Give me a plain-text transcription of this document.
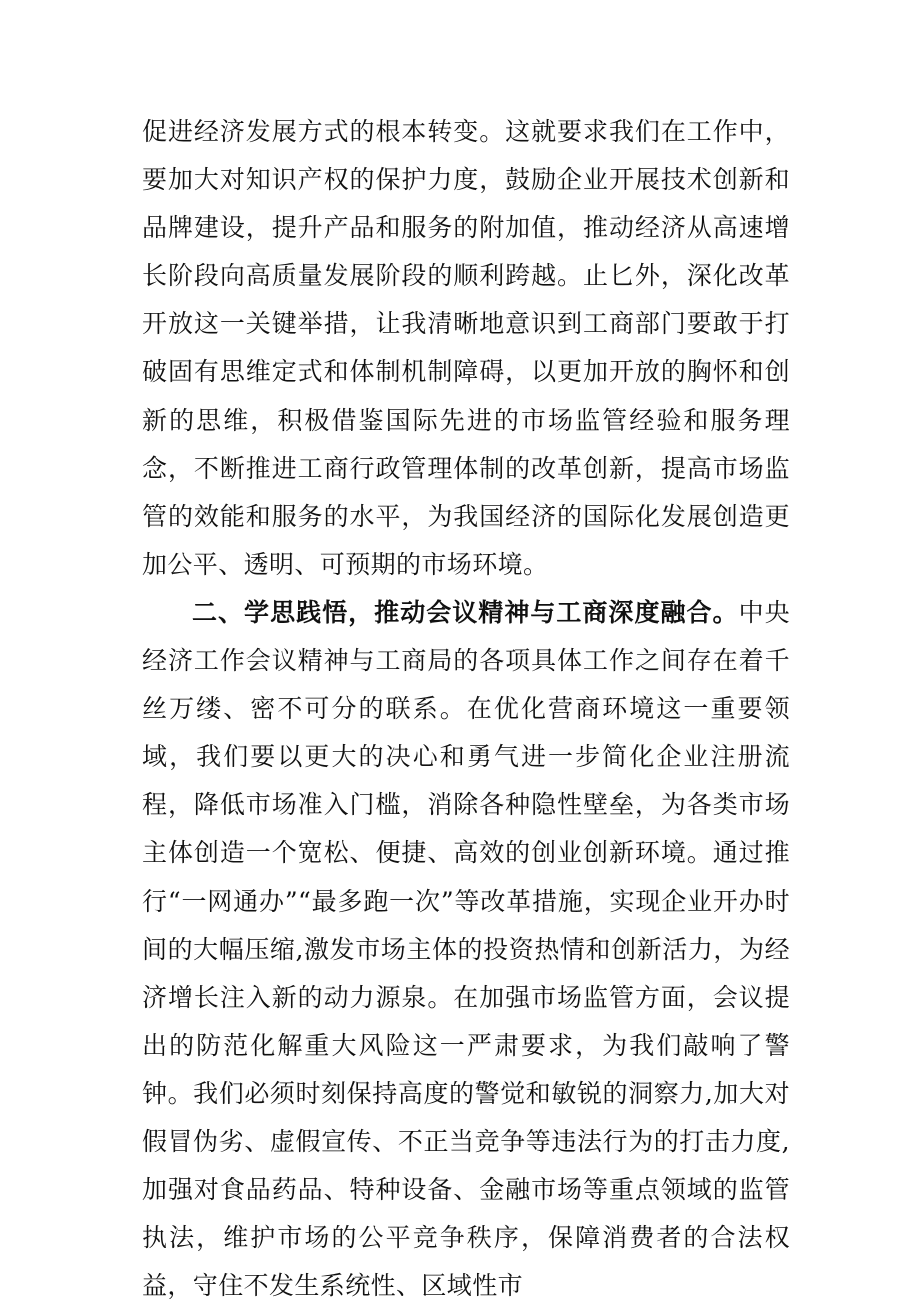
促进经济发展方式的根本转变。这就要求我们在工作中，要加大对知识产权的保护力度，鼓励企业开展技术创新和品牌建设，提升产品和服务的附加值，推动经济从高速增长阶段向高质量发展阶段的顺利跨越。止匕外，深化改革开放这一关键举措，让我清晰地意识到工商部门要敢于打破固有思维定式和体制机制障碍，以更加开放的胸怀和创新的思维，积极借鉴国际先进的市场监管经验和服务理念，不断推进工商行政管理体制的改革创新，提高市场监管的效能和服务的水平，为我国经济的国际化发展创造更加公平、透明、可预期的市场环境。

二、学思践悟，推动会议精神与工商深度融合。中央经济工作会议精神与工商局的各项具体工作之间存在着千丝万缕、密不可分的联系。在优化营商环境这一重要领域，我们要以更大的决心和勇气进一步简化企业注册流程，降低市场准入门槛，消除各种隐性壁垒，为各类市场主体创造一个宽松、便捷、高效的创业创新环境。通过推行“一网通办”“最多跑一次”等改革措施，实现企业开办时间的大幅压缩,激发市场主体的投资热情和创新活力，为经济增长注入新的动力源泉。在加强市场监管方面，会议提出的防范化解重大风险这一严肃要求，为我们敲响了警钟。我们必须时刻保持高度的警觉和敏锐的洞察力,加大对假冒伪劣、虚假宣传、不正当竞争等违法行为的打击力度,加强对食品药品、特种设备、金融市场等重点领域的监管执法，维护市场的公平竞争秩序，保障消费者的合法权益，守住不发生系统性、区域性市
